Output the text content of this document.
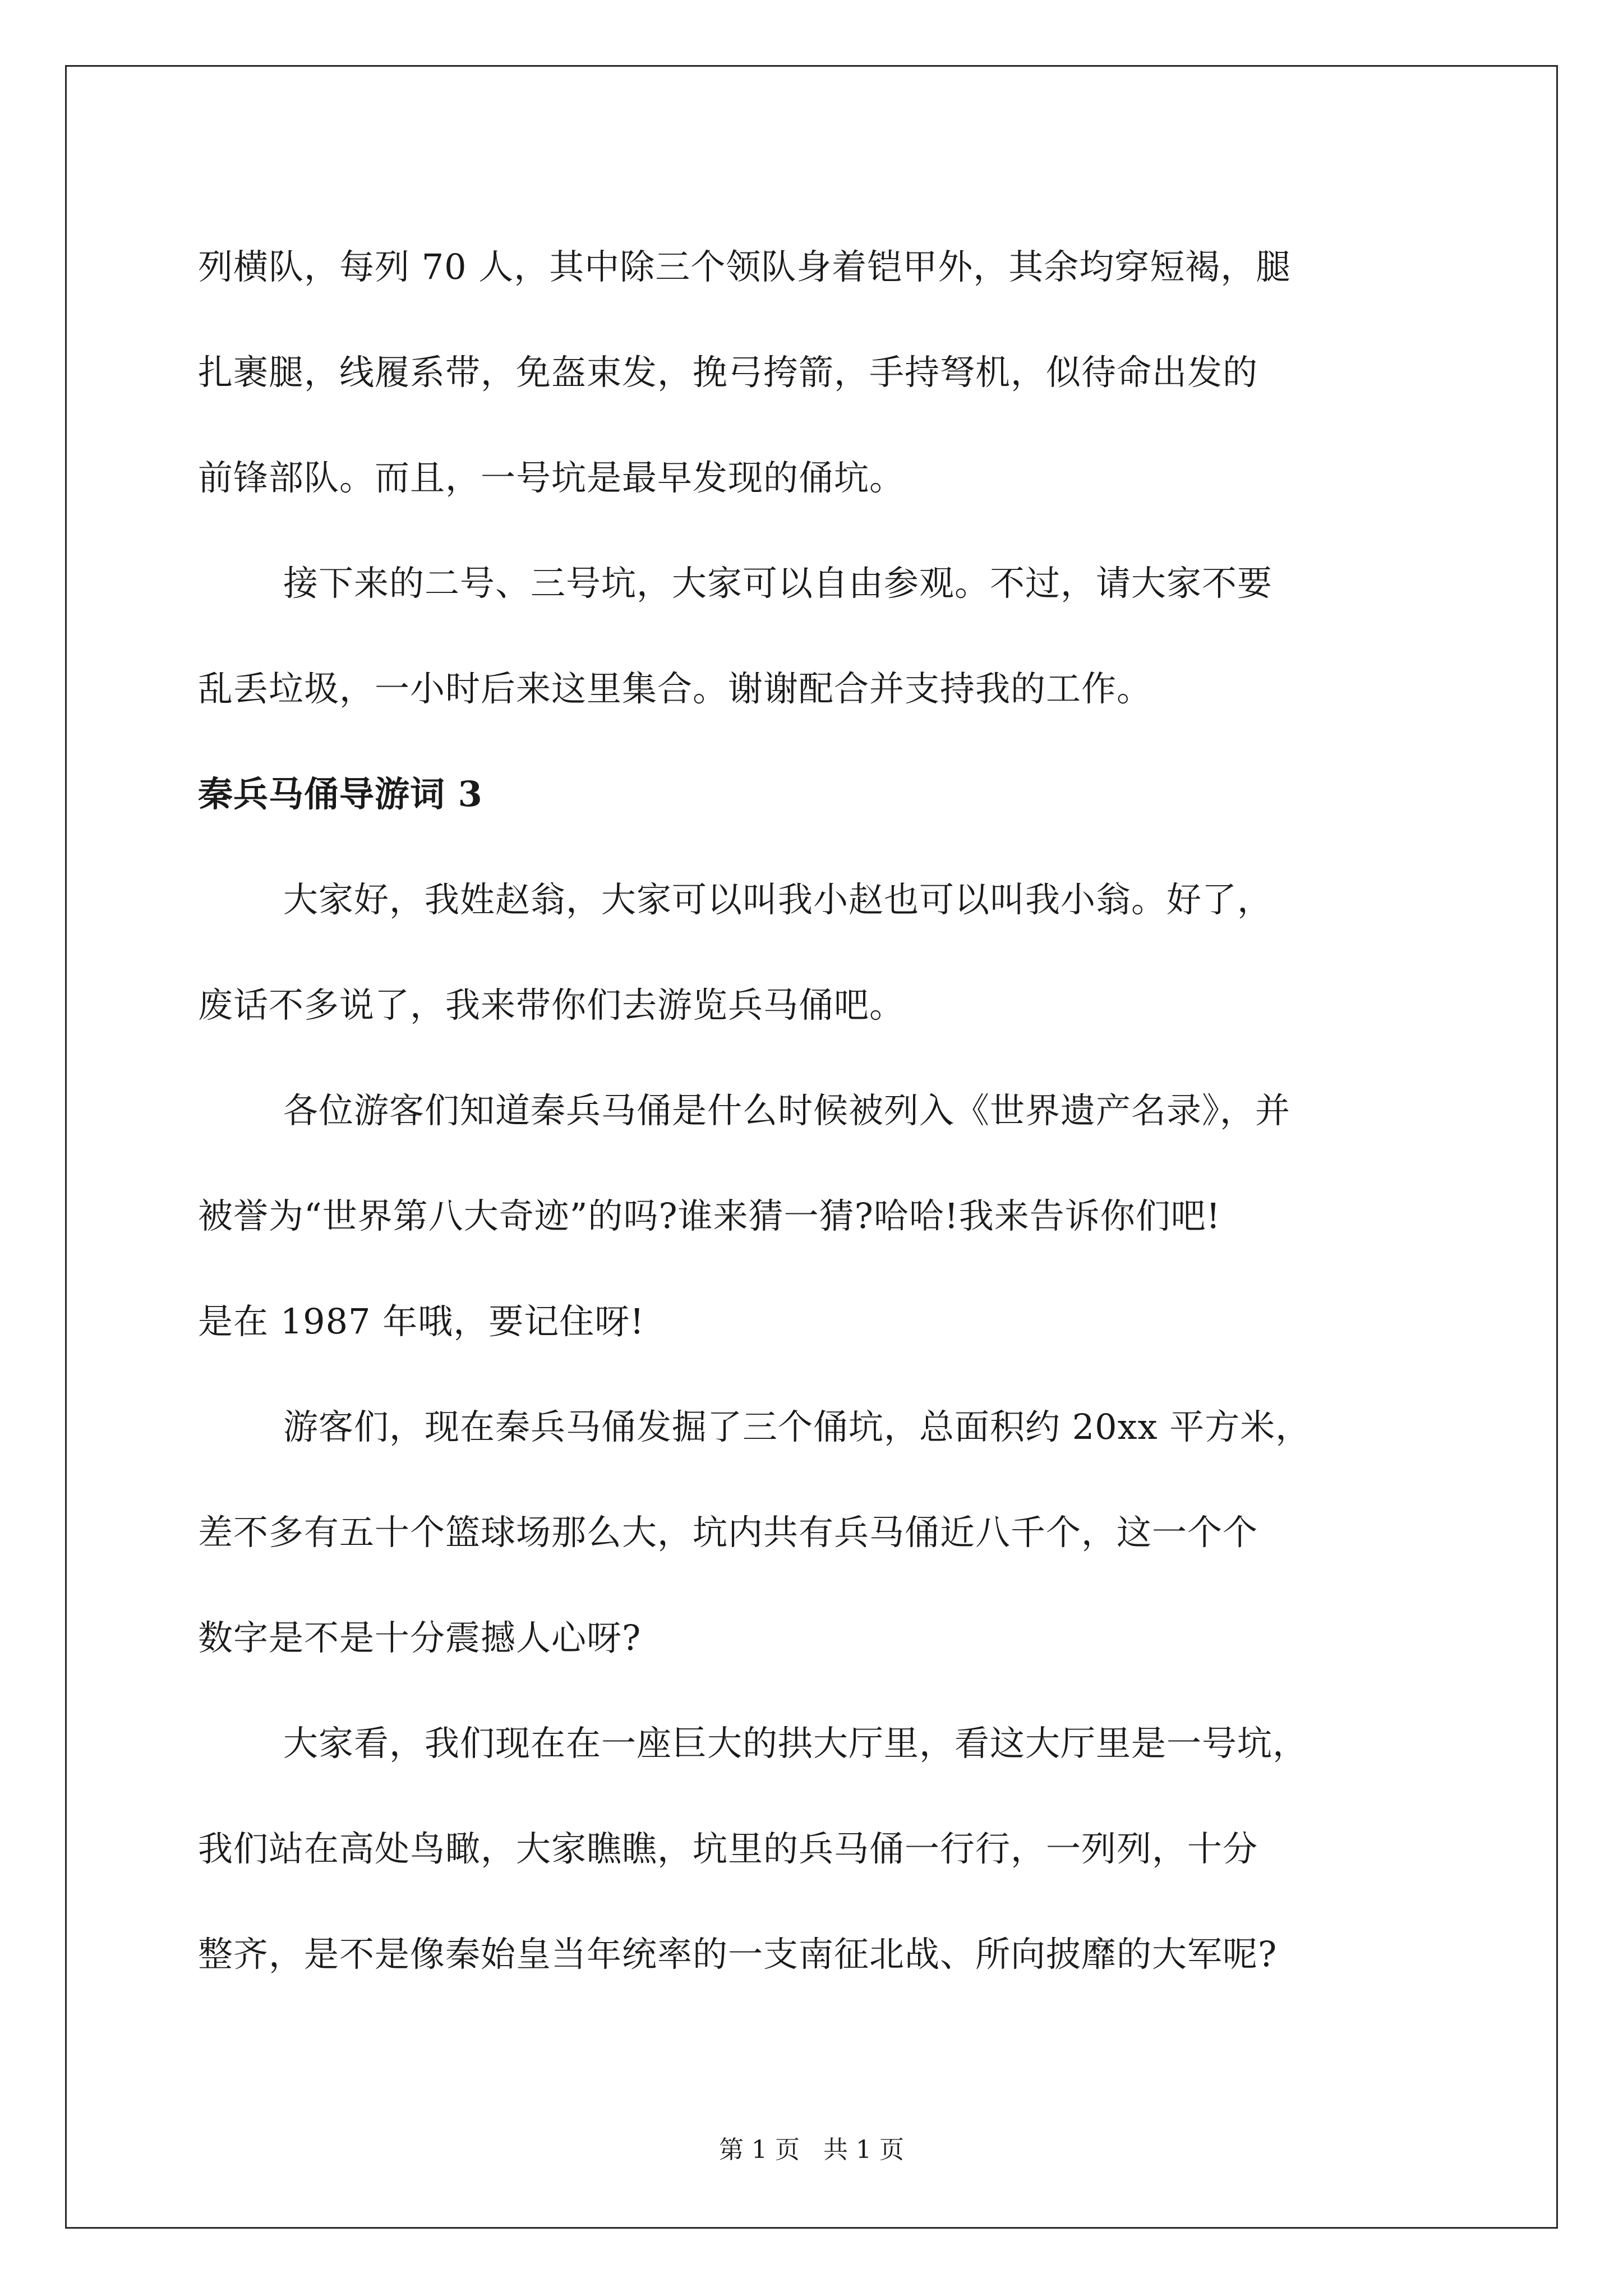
列横队，每列 70 人，其中除三个领队身着铠甲外，其余均穿短褐，腿
扎裹腿，线履系带，免盔束发，挽弓挎箭，手持弩机，似待命出发的
前锋部队。而且，一号坑是最早发现的俑坑。

接下来的二号、三号坑，大家可以自由参观。不过，请大家不要
乱丢垃圾，一小时后来这里集合。谢谢配合并支持我的工作。

秦兵马俑导游词 3

大家好，我姓赵翁，大家可以叫我小赵也可以叫我小翁。好了，
废话不多说了，我来带你们去游览兵马俑吧。

各位游客们知道秦兵马俑是什么时候被列入《世界遗产名录》，并
被誉为“世界第八大奇迹”的吗?谁来猜一猜?哈哈!我来告诉你们吧!
是在 1987 年哦，要记住呀!

游客们，现在秦兵马俑发掘了三个俑坑，总面积约 20xx 平方米，
差不多有五十个篮球场那么大，坑内共有兵马俑近八千个，这一个个
数字是不是十分震撼人心呀?

大家看，我们现在在一座巨大的拱大厅里，看这大厅里是一号坑，
我们站在高处鸟瞰，大家瞧瞧，坑里的兵马俑一行行，一列列，十分
整齐，是不是像秦始皇当年统率的一支南征北战、所向披靡的大军呢?

第 1 页   共 1 页
